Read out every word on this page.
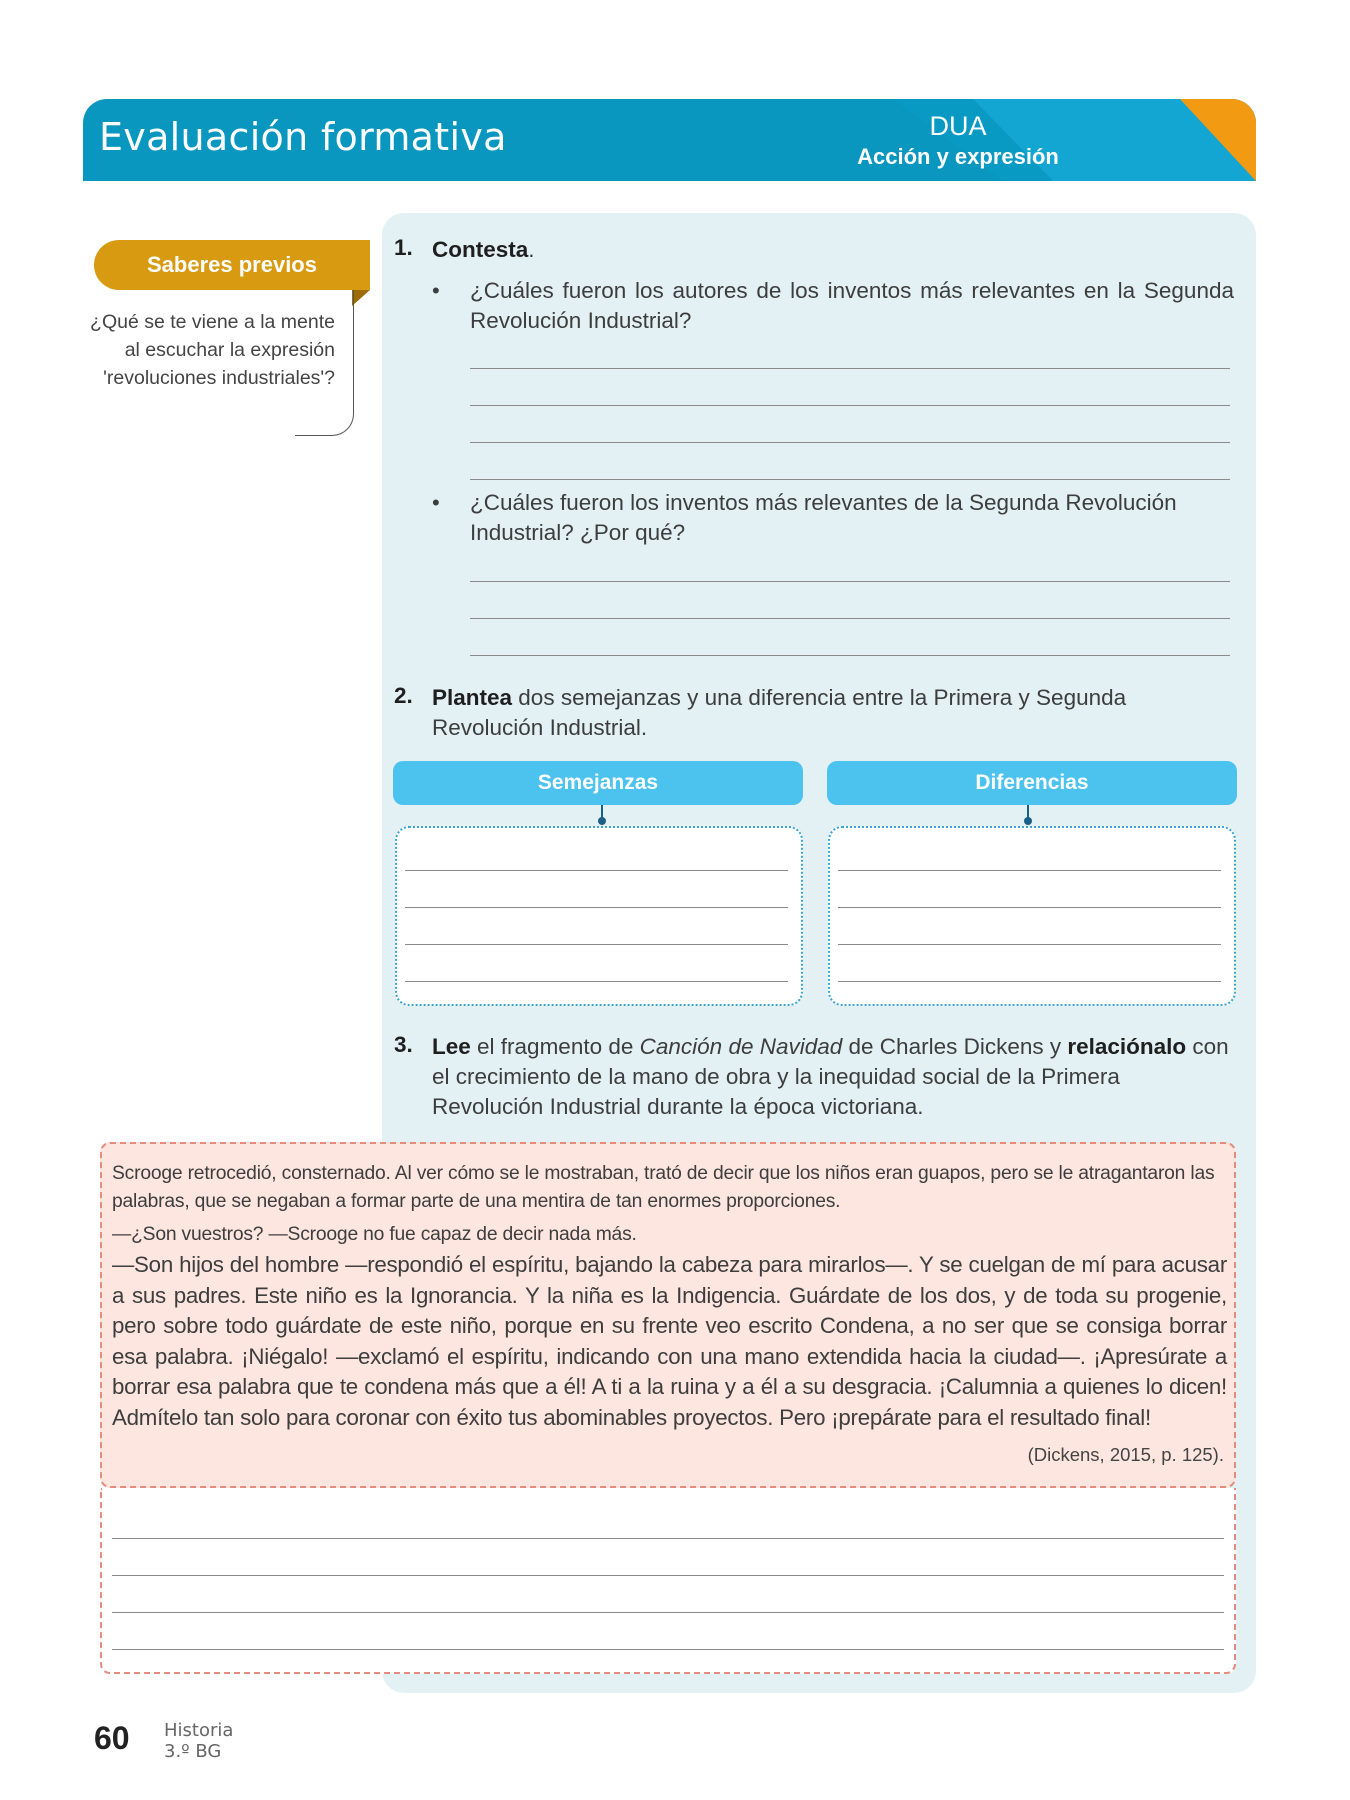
Evaluación formativa	DUA
Acción y expresión
Saberes previos
¿Qué se te viene a la mente al escuchar la expresión 'revoluciones industriales'?
1. Contesta.
• ¿Cuáles fueron los autores de los inventos más relevantes en la Segunda Revolución Industrial?
• ¿Cuáles fueron los inventos más relevantes de la Segunda Revolución Industrial? ¿Por qué?
2. Plantea dos semejanzas y una diferencia entre la Primera y Segunda Revolución Industrial.
Semejanzas	Diferencias
3. Lee el fragmento de Canción de Navidad de Charles Dickens y relaciónalo con el crecimiento de la mano de obra y la inequidad social de la Primera Revolución Industrial durante la época victoriana.
Scrooge retrocedió, consternado. Al ver cómo se le mostraban, trató de decir que los niños eran guapos, pero se le atragantaron las palabras, que se negaban a formar parte de una mentira de tan enormes proporciones.
—¿Son vuestros? —Scrooge no fue capaz de decir nada más.
—Son hijos del hombre —respondió el espíritu, bajando la cabeza para mirarlos—. Y se cuelgan de mí para acusar a sus padres. Este niño es la Ignorancia. Y la niña es la Indigencia. Guárdate de los dos, y de toda su progenie, pero sobre todo guárdate de este niño, porque en su frente veo escrito Condena, a no ser que se consiga borrar esa palabra. ¡Niégalo! —exclamó el espíritu, indicando con una mano extendida hacia la ciudad—. ¡Apresúrate a borrar esa palabra que te condena más que a él! A ti a la ruina y a él a su desgracia. ¡Calumnia a quienes lo dicen! Admítelo tan solo para coronar con éxito tus abominables proyectos. Pero ¡prepárate para el resultado final!
(Dickens, 2015, p. 125).
60 Historia
3.º BG
